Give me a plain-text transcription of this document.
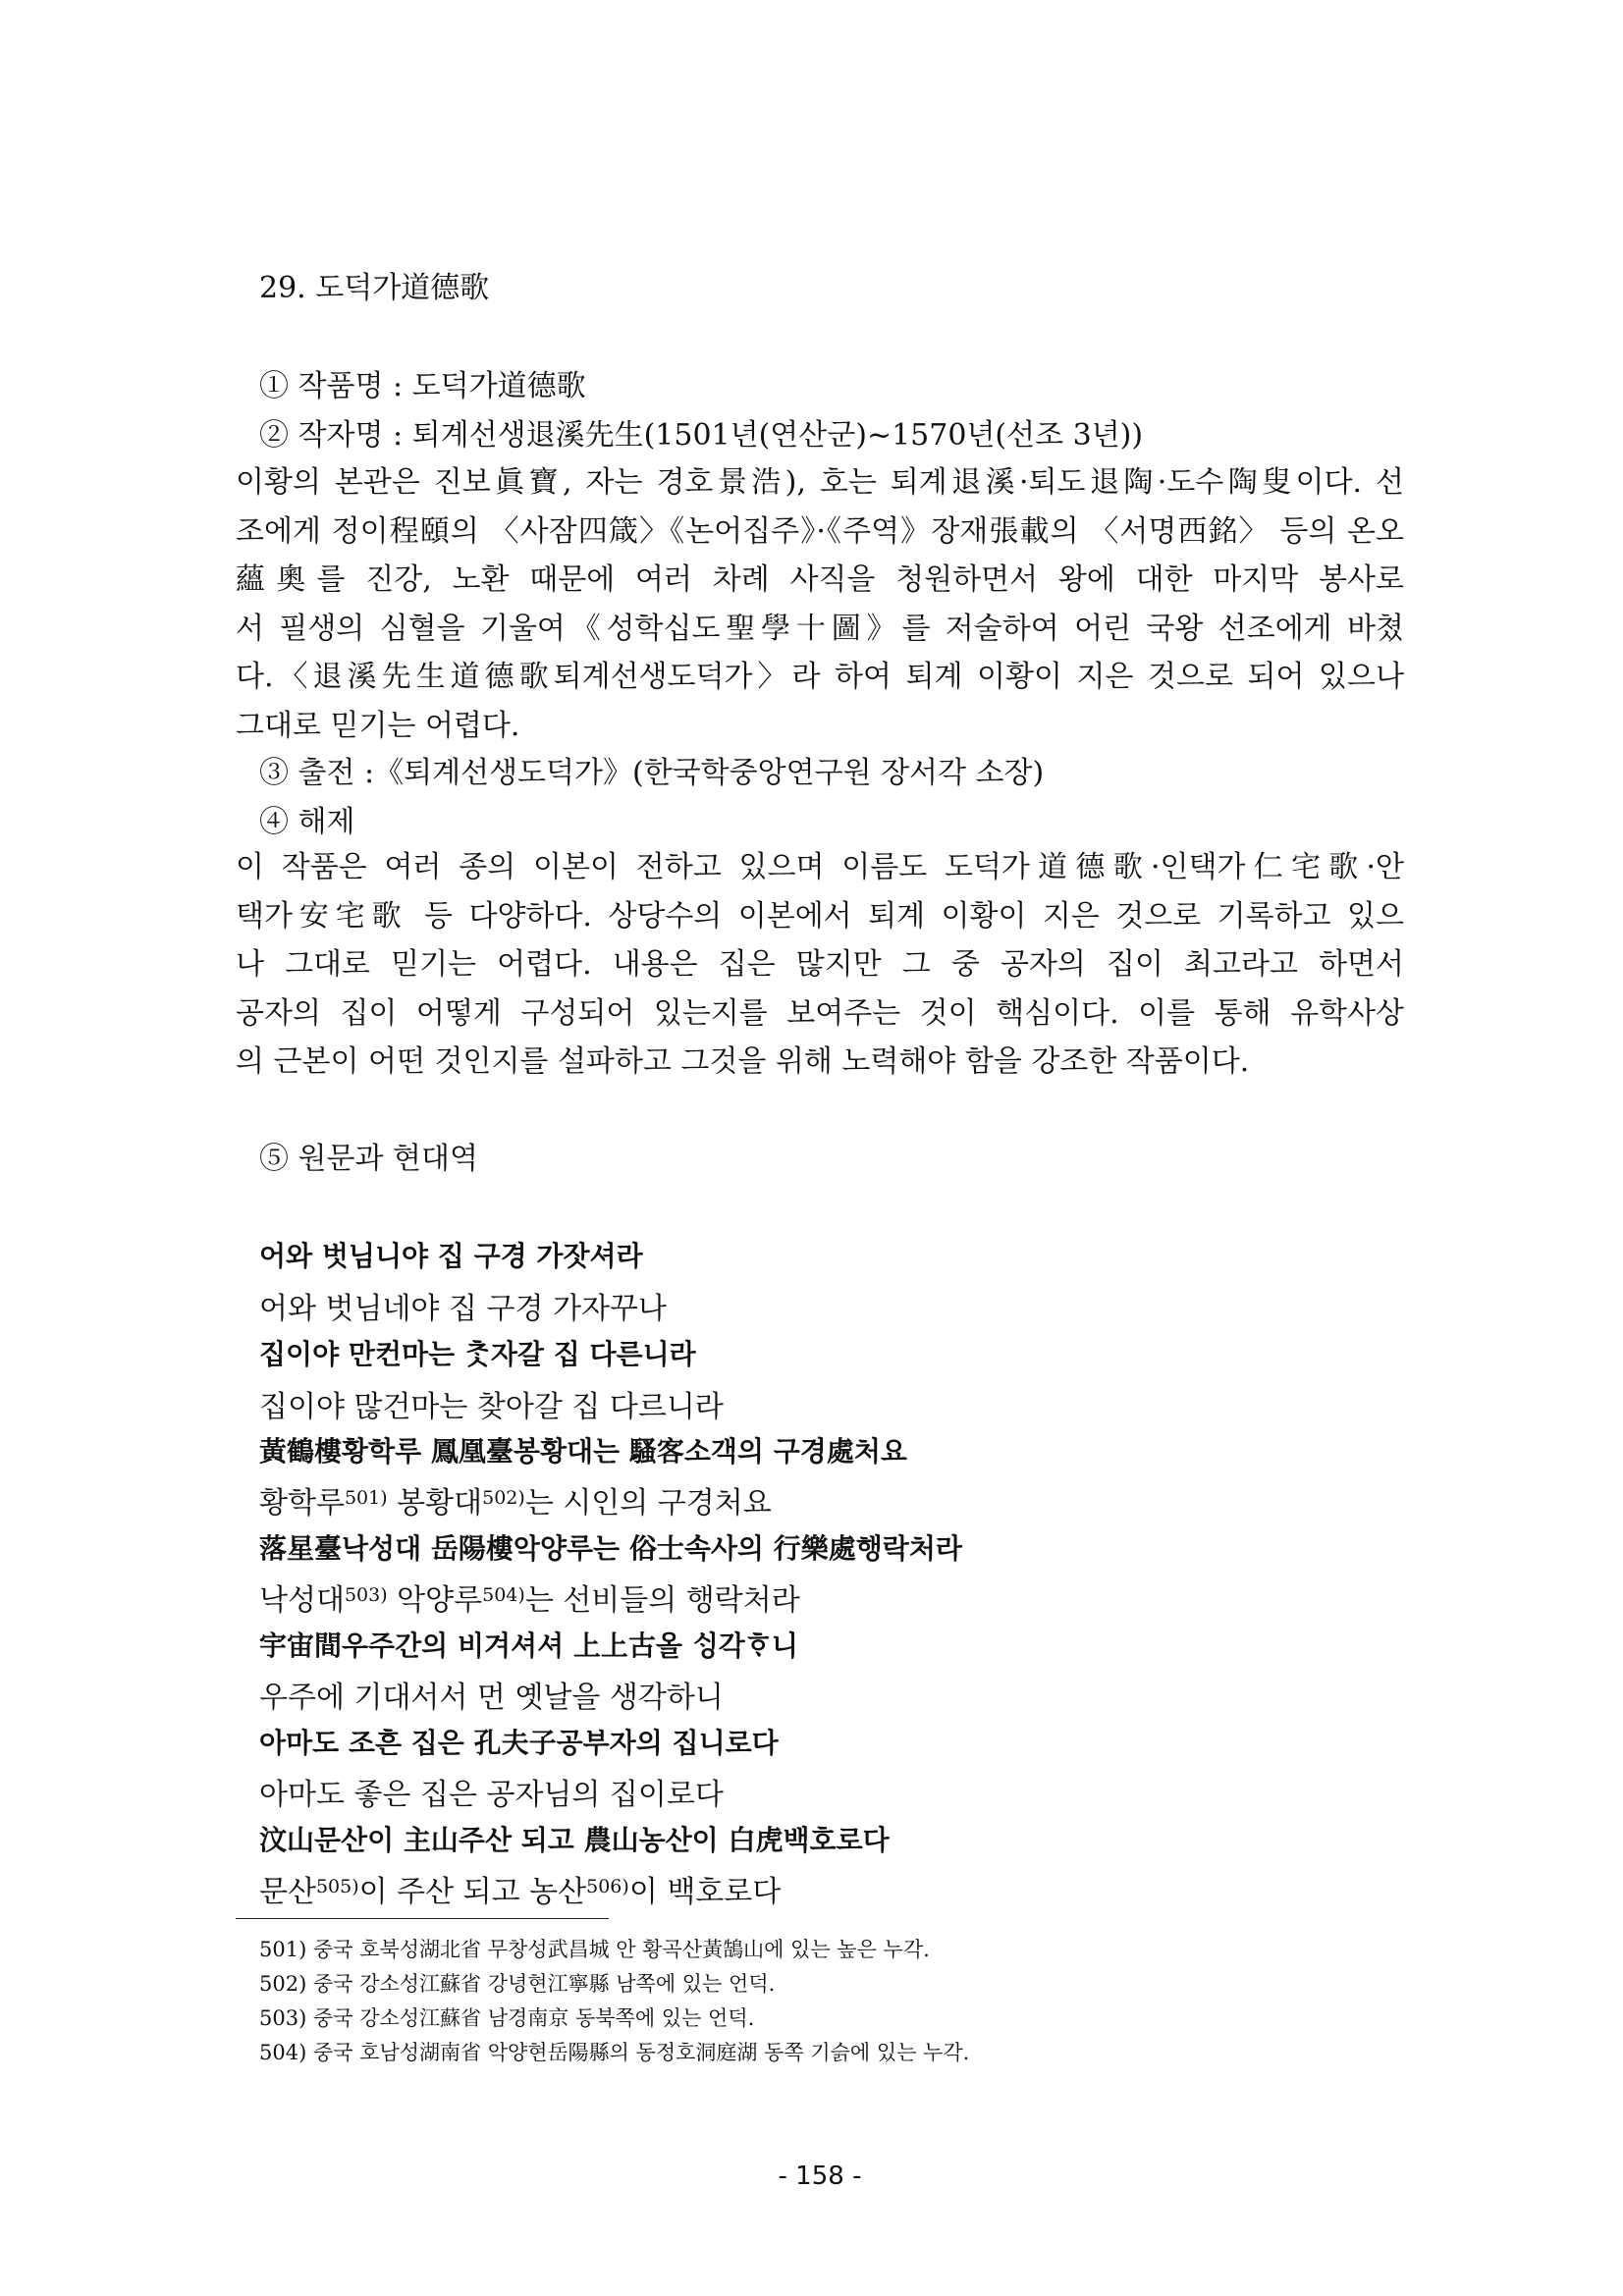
29. 도덕가道德歌
① 작품명 : 도덕가道德歌
② 작자명 : 퇴계선생退溪先生(1501년(연산군)~1570년(선조 3년))
이황의 본관은 진보眞寶, 자는 경호景浩), 호는 퇴계退溪·퇴도退陶·도수陶叟이다. 선
조에게 정이程頤의 〈사잠四箴〉《논어집주》·《주역》장재張載의 〈서명西銘〉 등의 온오
蘊奧를 진강, 노환 때문에 여러 차례 사직을 청원하면서 왕에 대한 마지막 봉사로
서 필생의 심혈을 기울여《성학십도聖學十圖》를 저술하여 어린 국왕 선조에게 바쳤
다.〈退溪先生道德歌퇴계선생도덕가〉라 하여 퇴계 이황이 지은 것으로 되어 있으나
그대로 믿기는 어렵다.
③ 출전 :《퇴계선생도덕가》(한국학중앙연구원 장서각 소장)
④ 해제
이 작품은 여러 종의 이본이 전하고 있으며 이름도 도덕가道德歌·인택가仁宅歌·안
택가安宅歌 등 다양하다. 상당수의 이본에서 퇴계 이황이 지은 것으로 기록하고 있으
나 그대로 믿기는 어렵다. 내용은 집은 많지만 그 중 공자의 집이 최고라고 하면서
공자의 집이 어떻게 구성되어 있는지를 보여주는 것이 핵심이다. 이를 통해 유학사상
의 근본이 어떤 것인지를 설파하고 그것을 위해 노력해야 함을 강조한 작품이다.
⑤ 원문과 현대역
어와 벗님니야 집 구경 가잣셔라
어와 벗님네야 집 구경 가자꾸나
집이야 만컨마는 ᄎᆞᆺ자갈 집 다른니라
집이야 많건마는 찾아갈 집 다르니라
黃鶴樓황학루 鳳凰臺봉황대는 騷客소객의 구경處처요
황학루$^{501)}$ 봉황대$^{502)}$는 시인의 구경처요
落星臺낙성대 岳陽樓악양루는 俗士속사의 行樂處행락처라
낙성대$^{503)}$ 악양루$^{504)}$는 선비들의 행락처라
宇宙間우주간의 비겨셔셔 上上古올 ᄉᆡᆼ각ᄒᆞ니
우주에 기대서서 먼 옛날을 생각하니
아마도 조흔 집은 孔夫子공부자의 집니로다
아마도 좋은 집은 공자님의 집이로다
汶山문산이 主山주산 되고 農山농산이 白虎백호로다
문산$^{505)}$이 주산 되고 농산$^{506)}$이 백호로다
501) 중국 호북성湖北省 무창성武昌城 안 황곡산黃鵠山에 있는 높은 누각.
502) 중국 강소성江蘇省 강녕현江寧縣 남쪽에 있는 언덕.
503) 중국 강소성江蘇省 남경南京 동북쪽에 있는 언덕.
504) 중국 호남성湖南省 악양현岳陽縣의 동정호洞庭湖 동쪽 기슭에 있는 누각.
- 158 -
